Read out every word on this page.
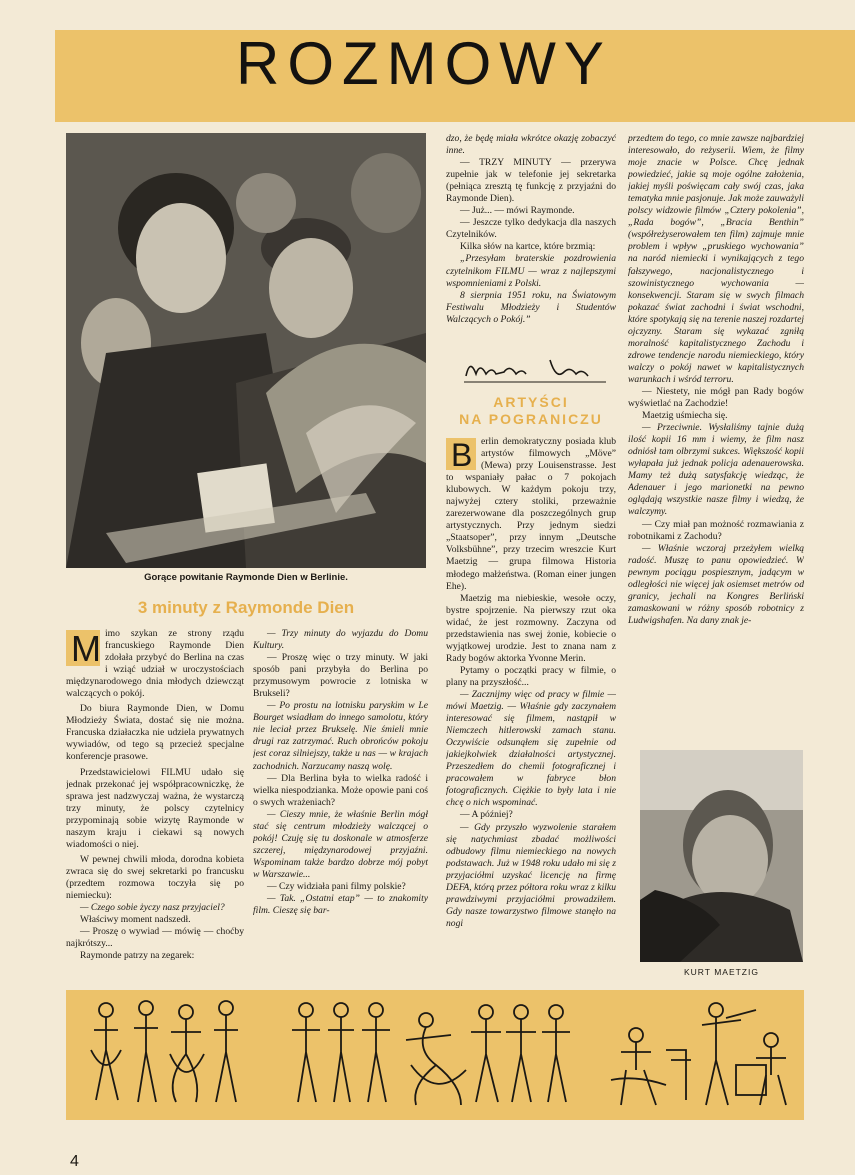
ROZMOWY
Gorące powitanie Raymonde Dien w Berlinie.
3 minuty z Raymonde Dien
M imo szykan ze strony rządu francuskiego Raymonde Dien zdołała przybyć do Berlina na czas i wziąć udział w uroczystościach międzynarodowego dnia młodych dziewcząt walczących o pokój.

Do biura Raymonde Dien, w Domu Młodzieży Świata, dostać się nie można. Francuska działaczka nie udziela prywatnych wywiadów, od tego są przecież specjalne konferencje prasowe.

Przedstawicielowi FILMU udało się jednak przekonać jej współpracowniczkę, że sprawa jest nadzwyczaj ważna, że wystarczą trzy minuty, że polscy czytelnicy przypominają sobie wizytę Raymonde w naszym kraju i ciekawi są nowych wiadomości o niej.

W pewnej chwili młoda, dorodna kobieta zwraca się do swej sekretarki po francusku (przedtem rozmowa toczyła się po niemiecku):

— Czego sobie życzy nasz przyjaciel?

Właściwy moment nadszedł.

— Proszę o wywiad — mówię — choćby najkrótszy...

Raymonde patrzy na zegarek:

— Trzy minuty do wyjazdu do Domu Kultury.

— Proszę więc o trzy minuty. W jaki sposób pani przybyła do Berlina po przymusowym powrocie z lotniska w Brukseli?

— Po prostu na lotnisku paryskim w Le Bourget wsiadłam do innego samolotu, który nie leciał przez Brukselę. Nie śmieli mnie drugi raz zatrzymać. Ruch obrońców pokoju jest coraz silniejszy, także u nas — w krajach zachodnich. Narzucamy naszą wolę.

— Dla Berlina była to wielka radość i wielka niespodzianka. Może opowie pani coś o swych wrażeniach?

— Cieszy mnie, że właśnie Berlin mógł stać się centrum młodzieży walczącej o pokój! Czuję się tu doskonale w atmosferze szczerej, międzynarodowej przyjaźni. Wspominam także bardzo dobrze mój pobyt w Warszawie...

— Czy widziała pani filmy polskie?

— Tak. „Ostatni etap” — to znakomity film. Cieszę się bar-

dzo, że będę miała wkrótce okazję zobaczyć inne.

— TRZY MINUTY — przerywa zupełnie jak w telefonie jej sekretarka (pełniąca zresztą tę funkcję z przyjaźni do Raymonde Dien).

— Już... — mówi Raymonde.

— Jeszcze tylko dedykacja dla naszych Czytelników.

Kilka słów na kartce, które brzmią:

„Przesyłam braterskie pozdrowienia czytelnikom FILMU — wraz z najlepszymi wspomnieniami z Polski.

8 sierpnia 1951 roku, na Światowym Festiwalu Młodzieży i Studentów Walczących o Pokój.”

ARTYŚCI
NA POGRANICZU
B erlin demokratyczny posiada klub artystów filmowych „Möve” (Mewa) przy Louisenstrasse. Jest to wspaniały pałac o 7 pokojach klubowych. W każdym pokoju trzy, najwyżej cztery stoliki, przeważnie zarezerwowane dla poszczególnych grup artystycznych. Przy jednym siedzi „Staatsoper”, przy innym „Deutsche Volksbühne”, przy trzecim wreszcie Kurt Maetzig — grupa filmowa Historia młodego małżeństwa. (Roman einer jungen Ehe).

Maetzig ma niebieskie, wesołe oczy, bystre spojrzenie. Na pierwszy rzut oka widać, że jest rozmowny. Zaczyna od przedstawienia nas swej żonie, kobiecie o wyjątkowej urodzie. Jest to znana nam z Rady bogów aktorka Yvonne Merin.

Pytamy o początki pracy w filmie, o plany na przyszłość...

— Zacznijmy więc od pracy w filmie — mówi Maetzig. — Właśnie gdy zaczynałem interesować się filmem, nastąpił w Niemczech hitlerowski zamach stanu. Oczywiście odsunąłem się zupełnie od jakiejkolwiek działalności artystycznej. Przeszedłem do chemii fotograficznej i pracowałem w fabryce błon fotograficznych. Ciężkie to były lata i nie chcę o nich wspominać.

— A później?

— Gdy przyszło wyzwolenie starałem się natychmiast zbadać możliwości odbudowy filmu niemieckiego na nowych podstawach. Już w 1948 roku udało mi się z przyjaciółmi uzyskać licencję na firmę DEFA, którą przez półtora roku wraz z kilku prawdziwymi przyjaciółmi prowadziłem. Gdy nasze towarzystwo filmowe stanęło na nogi

przedtem do tego, co mnie zawsze najbardziej interesowało, do reżyserii. Wiem, że filmy moje znacie w Polsce. Chcę jednak powiedzieć, jakie są moje ogólne założenia, jakiej myśli poświęcam cały swój czas, jaka tematyka mnie pasjonuje. Jak może zauważyli polscy widzowie filmów „Cztery pokolenia”, „Rada bogów”, „Bracia Benthin” (współreżyserowałem ten film) zajmuje mnie problem i wpływ „pruskiego wychowania” na naród niemiecki i wynikających z tego fałszywego, nacjonalistycznego i szowinistycznego wychowania — konsekwencji. Staram się w swych filmach pokazać świat zachodni i świat wschodni, które spotykają się na terenie naszej rozdartej ojczyzny. Staram się wykazać zgniłą moralność kapitalistycznego Zachodu i zdrowe tendencje narodu niemieckiego, który walczy o pokój nawet w kapitalistycznych warunkach i wśród terroru.

— Niestety, nie mógł pan Rady bogów wyświetlać na Zachodzie!

Maetzig uśmiecha się.

— Przeciwnie. Wysłaliśmy tajnie dużą ilość kopii 16 mm i wiemy, że film nasz odniósł tam olbrzymi sukces. Większość kopii wyłapała już jednak policja adenauerowska. Mamy też dużą satysfakcję wiedząc, że Adenauer i jego marionetki na pewno oglądają wszystkie nasze filmy i wiedzą, że walczymy.

— Czy miał pan możność rozmawiania z robotnikami z Zachodu?

— Właśnie wczoraj przeżyłem wielką radość. Muszę to panu opowiedzieć. W pewnym pociągu pospiesznym, jadącym w odległości nie więcej jak osiemset metrów od granicy, jechali na Kongres Berliński zamaskowani w różny sposób robotnicy z Ludwigshafen. Na dany znak je-

KURT MAETZIG
4
